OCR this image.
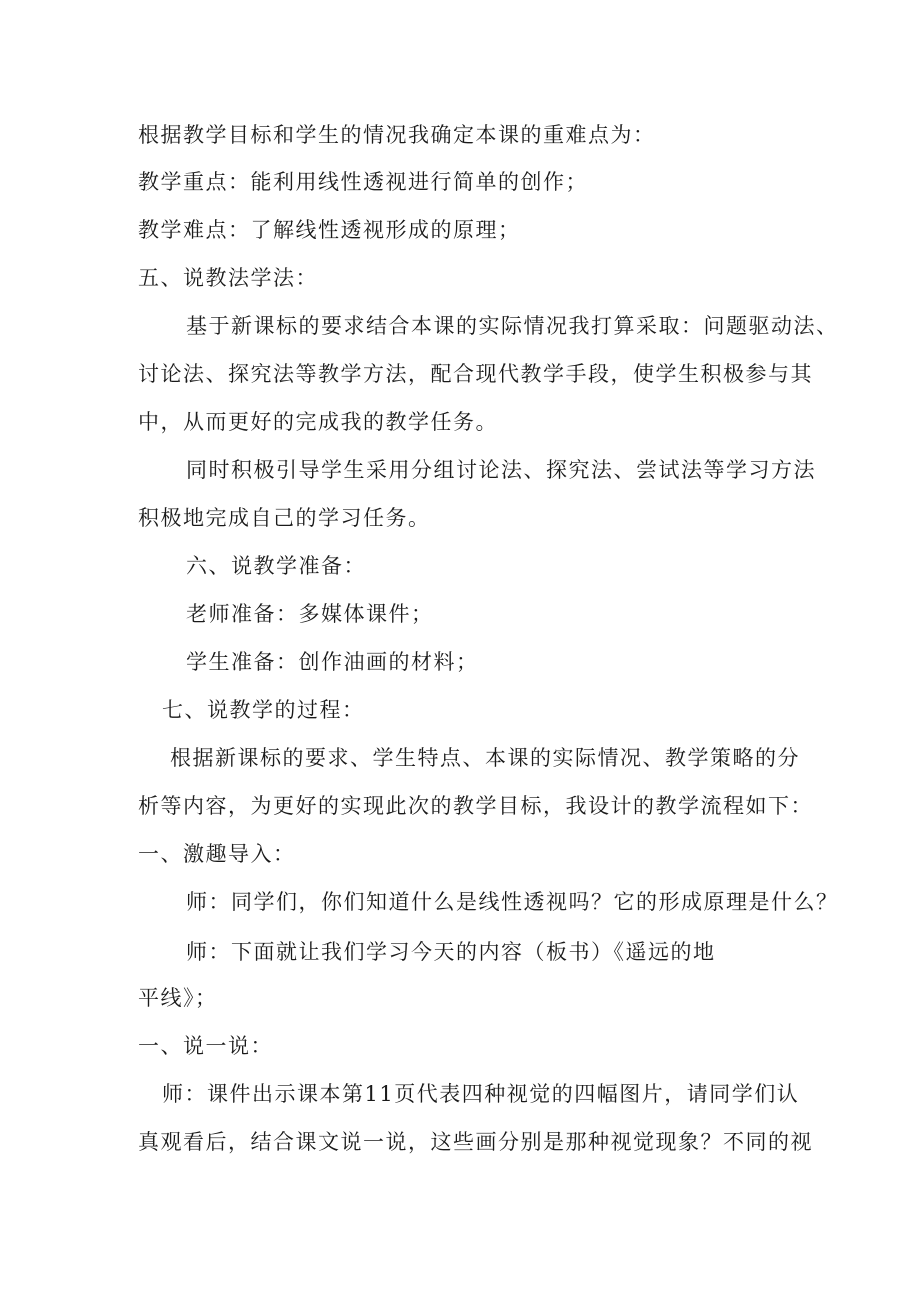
根据教学目标和学生的情况我确定本课的重难点为：
教学重点：能利用线性透视进行简单的创作；
教学难点：了解线性透视形成的原理；
五、说教法学法：
基于新课标的要求结合本课的实际情况我打算采取：问题驱动法、
讨论法、探究法等教学方法，配合现代教学手段，使学生积极参与其
中，从而更好的完成我的教学任务。
同时积极引导学生采用分组讨论法、探究法、尝试法等学习方法
积极地完成自己的学习任务。
六、说教学准备：
老师准备：多媒体课件；
学生准备：创作油画的材料；
七、说教学的过程：
根据新课标的要求、学生特点、本课的实际情况、教学策略的分
析等内容，为更好的实现此次的教学目标，我设计的教学流程如下：
一、激趣导入：
师：同学们，你们知道什么是线性透视吗？它的形成原理是什么？
师：下面就让我们学习今天的内容（板书）《遥远的地
平线》；
一、说一说：
师：课件出示课本第11页代表四种视觉的四幅图片，请同学们认
真观看后，结合课文说一说，这些画分别是那种视觉现象？不同的视
